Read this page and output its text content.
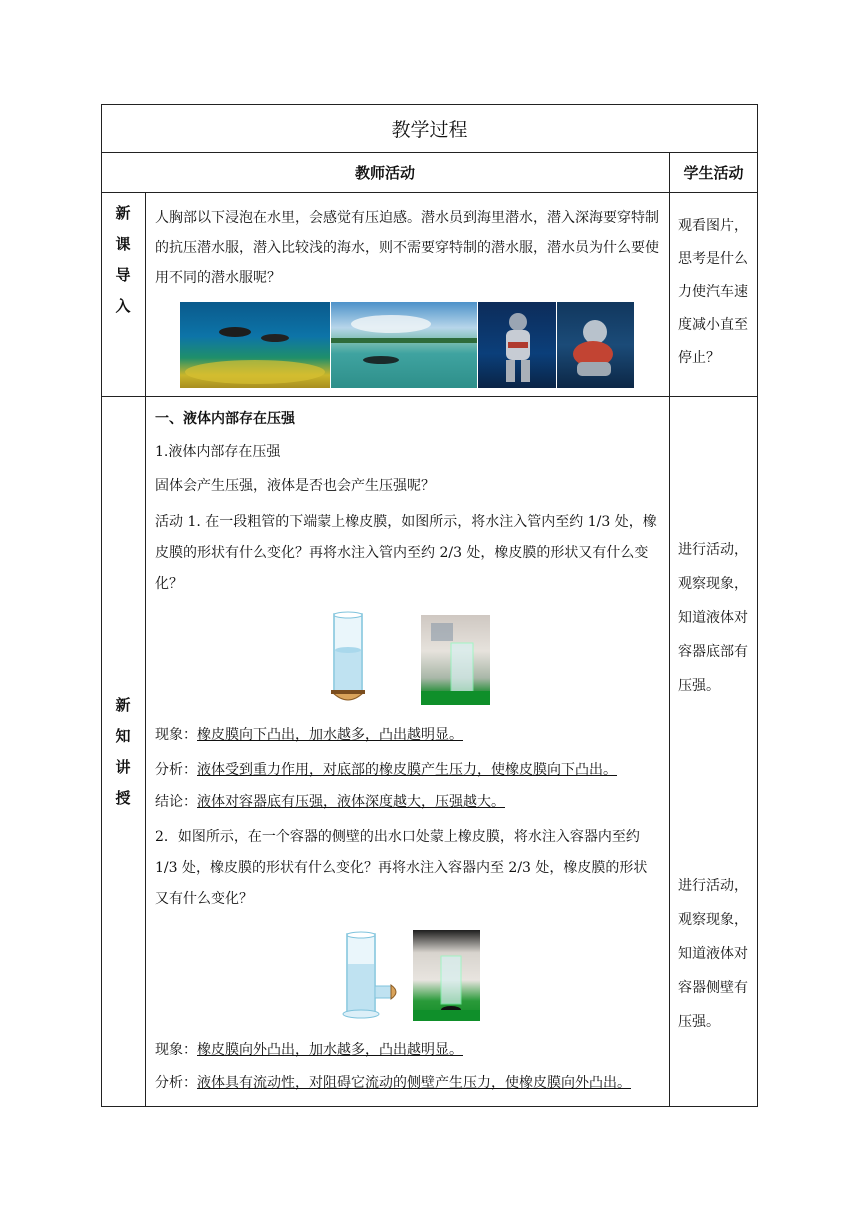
教学过程
教师活动	学生活动
新
课
导
入

人胸部以下浸泡在水里，会感觉有压迫感。潜水员到海里潜水，潜入深海要穿特制的抗压潜水服，潜入比较浅的海水，则不需要穿特制的潜水服，潜水员为什么要使用不同的潜水服呢？

观看图片，思考是什么力使汽车速度减小直至停止？
新
知
讲
授

一、液体内部存在压强

1.液体内部存在压强

固体会产生压强，液体是否也会产生压强呢？

活动 1. 在一段粗管的下端蒙上橡皮膜，如图所示，将水注入管内至约 1/3 处，橡皮膜的形状有什么变化？再将水注入管内至约 2/3 处，橡皮膜的形状又有什么变化？

现象：橡皮膜向下凸出，加水越多，凸出越明显。

分析：液体受到重力作用，对底部的橡皮膜产生压力，使橡皮膜向下凸出。

结论：液体对容器底有压强，液体深度越大，压强越大。

2．如图所示，在一个容器的侧壁的出水口处蒙上橡皮膜，将水注入容器内至约 1/3 处，橡皮膜的形状有什么变化？再将水注入容器内至 2/3 处，橡皮膜的形状又有什么变化？

现象：橡皮膜向外凸出，加水越多，凸出越明显。

分析：液体具有流动性，对阻碍它流动的侧壁产生压力，使橡皮膜向外凸出。

进行活动，观察现象，知道液体对容器底部有压强。
进行活动，观察现象，知道液体对容器侧壁有压强。
